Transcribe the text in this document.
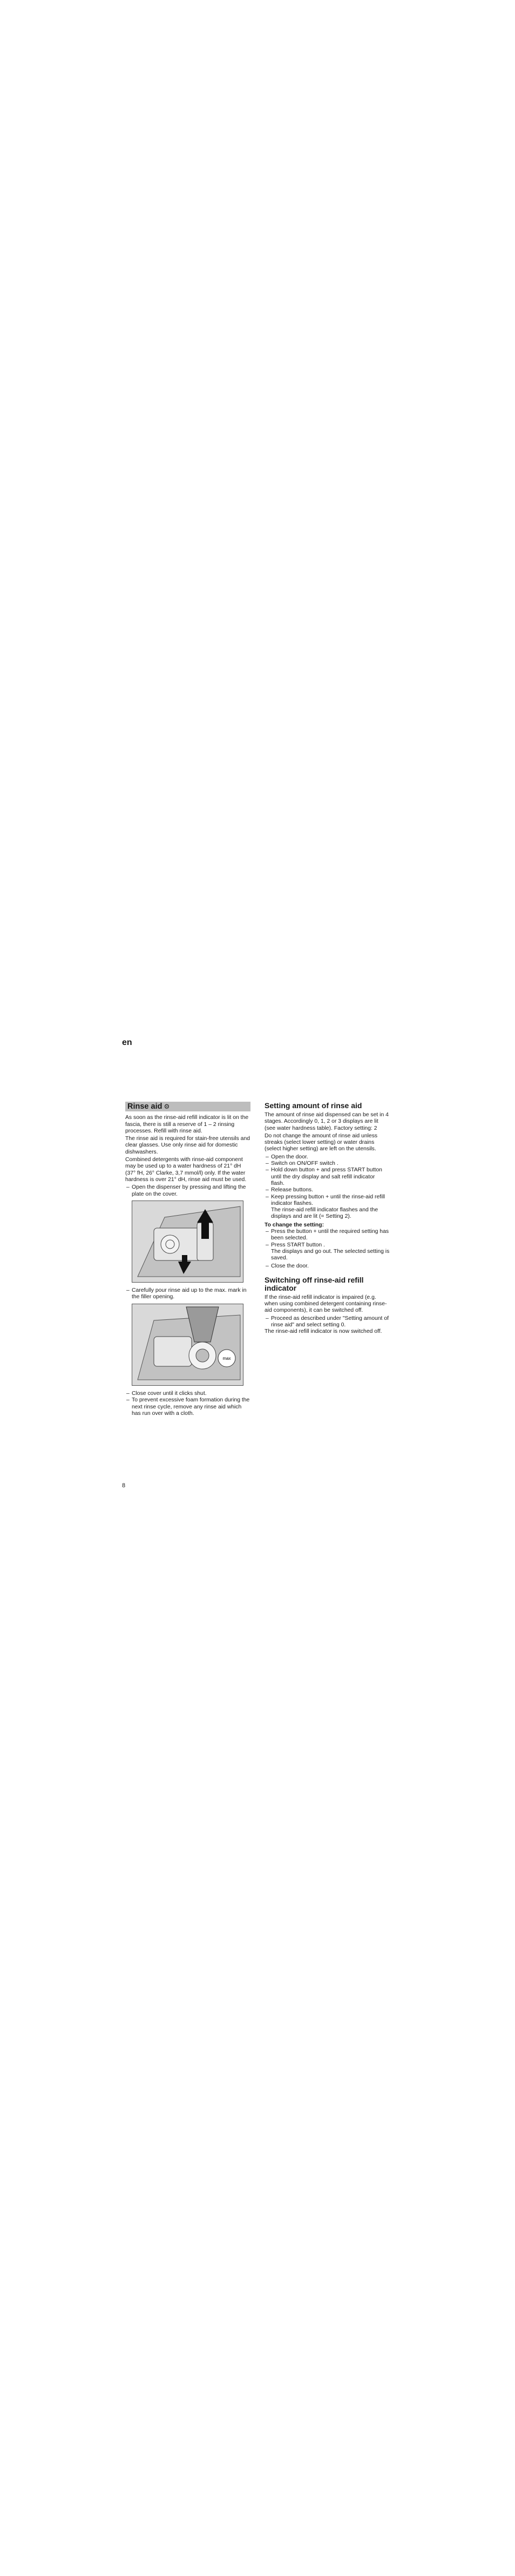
en
Rinse aid ⚙

As soon as the rinse-aid refill indicator is lit on the fascia, there is still a reserve of 1 – 2 rinsing processes. Refill with rinse aid.

The rinse aid is required for stain-free utensils and clear glasses. Use only rinse aid for domestic dishwashers.

Combined detergents with rinse-aid component may be used up to a water hardness of 21° dH (37° fH, 26° Clarke, 3,7 mmol/l) only. If the water hardness is over 21° dH, rinse aid must be used.

– Open the dispenser by pressing and lifting the plate on the cover.
– Carefully pour rinse aid up to the max. mark in the filler opening.
max
– Close cover until it clicks shut.
– To prevent excessive foam formation during the next rinse cycle, remove any rinse aid which has run over with a cloth.
Setting amount of rinse aid

The amount of rinse aid dispensed can be set in 4 stages. Accordingly 0, 1, 2 or 3 displays are lit (see water hardness table). Factory setting: 2

Do not change the amount of rinse aid unless streaks (select lower setting) or water drains (select higher setting) are left on the utensils.

– Open the door.
– Switch on ON/OFF switch .
– Hold down button + and press START button until the dry display and salt refill indicator flash.
– Release buttons.
– Keep pressing button + until the rinse-aid refill indicator flashes.

The rinse-aid refill indicator flashes and the displays and are lit (= Setting 2).

To change the setting:
– Press the button + until the required setting has been selected.
– Press START button .

The displays and go out. The selected setting is saved.

– Close the door.
Switching off rinse-aid refill indicator

If the rinse-aid refill indicator is impaired (e.g. when using combined detergent containing rinse-aid components), it can be switched off.

– Proceed as described under "Setting amount of rinse aid" and select setting 0.

The rinse-aid refill indicator is now switched off.

8
